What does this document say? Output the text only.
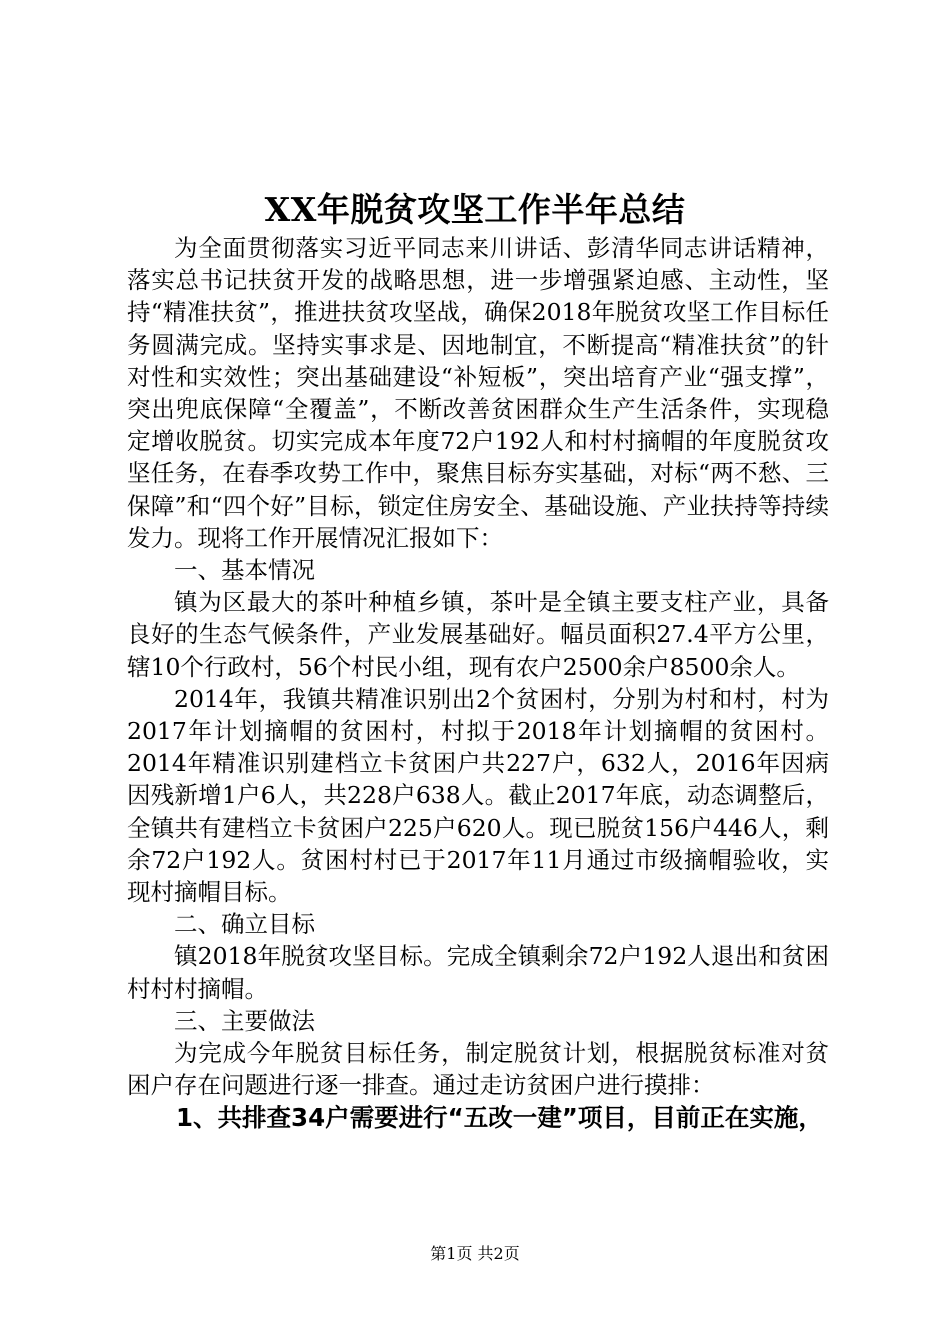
XX年脱贫攻坚工作半年总结

为全面贯彻落实习近平同志来川讲话、彭清华同志讲话精神，落实总书记扶贫开发的战略思想，进一步增强紧迫感、主动性，坚持“精准扶贫”，推进扶贫攻坚战，确保2018年脱贫攻坚工作目标任务圆满完成。坚持实事求是、因地制宜，不断提高“精准扶贫”的针对性和实效性；突出基础建设“补短板”，突出培育产业“强支撑”，突出兜底保障“全覆盖”，不断改善贫困群众生产生活条件，实现稳定增收脱贫。切实完成本年度72户192人和村村摘帽的年度脱贫攻坚任务，在春季攻势工作中，聚焦目标夯实基础，对标“两不愁、三保障”和“四个好”目标，锁定住房安全、基础设施、产业扶持等持续发力。现将工作开展情况汇报如下：

一、基本情况

镇为区最大的茶叶种植乡镇，茶叶是全镇主要支柱产业，具备良好的生态气候条件，产业发展基础好。幅员面积27.4平方公里，辖10个行政村，56个村民小组，现有农户2500余户8500余人。

2014年，我镇共精准识别出2个贫困村，分别为村和村，村为2017年计划摘帽的贫困村，村拟于2018年计划摘帽的贫困村。2014年精准识别建档立卡贫困户共227户，632人，2016年因病因残新增1户6人，共228户638人。截止2017年底，动态调整后，全镇共有建档立卡贫困户225户620人。现已脱贫156户446人，剩余72户192人。贫困村村已于2017年11月通过市级摘帽验收，实现村摘帽目标。

二、确立目标

镇2018年脱贫攻坚目标。完成全镇剩余72户192人退出和贫困村村村摘帽。

三、主要做法

为完成今年脱贫目标任务，制定脱贫计划，根据脱贫标准对贫困户存在问题进行逐一排查。通过走访贫困户进行摸排：

1、共排查34户需要进行“五改一建”项目，目前正在实施，

第1页 共2页
